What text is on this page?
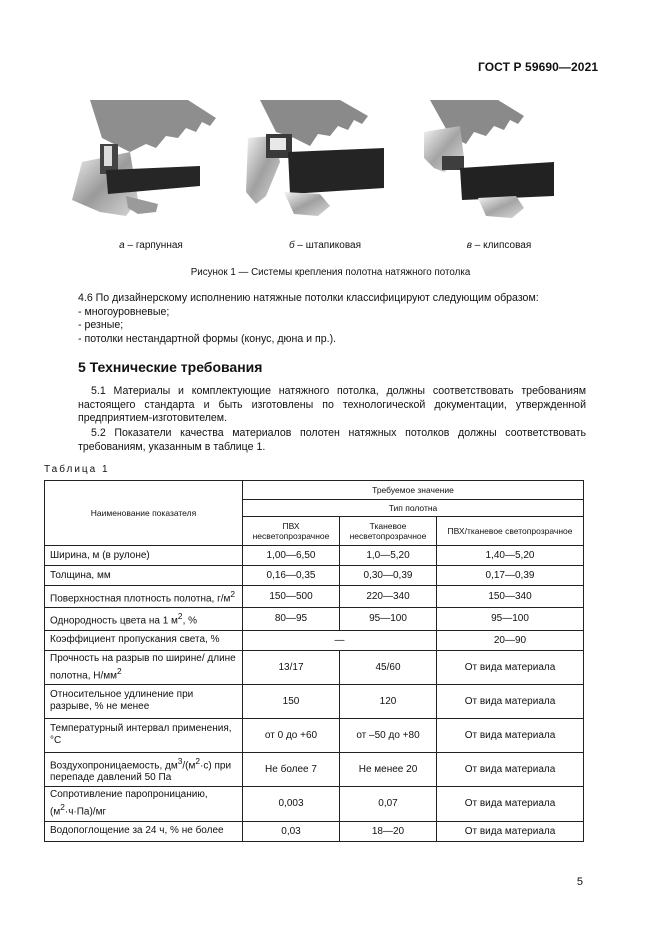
ГОСТ Р 59690—2021
а – гарпунная	б – штапиковая	в – клипсовая
Рисунок 1 — Системы крепления полотна натяжного потолка
4.6 По дизайнерскому исполнению натяжные потолки классифицируют следующим образом:
- многоуровневые;
- резные;
- потолки нестандартной формы (конус, дюна и пр.).
5 Технические требования
5.1 Материалы и комплектующие натяжного потолка, должны соответствовать требованиям настоящего стандарта и быть изготовлены по технологической документации, утвержденной предприятием-изготовителем.
5.2 Показатели качества материалов полотен натяжных потолков должны соответствовать требованиям, указанным в таблице 1.
Таблица 1
Наименование показателя	Требуемое значение		
	Тип полотна		
	ПВХ несветопрозрачное	Тканевое несветопрозрачное	ПВХ/тканевое светопрозрачное
Ширина, м (в рулоне)	1,00—6,50	1,0—5,20	1,40—5,20
Толщина, мм	0,16—0,35	0,30—0,39	0,17—0,39
Поверхностная плотность полотна, $г/м^2$	150—500	220—340	150—340
Однородность цвета на 1 $м^2$, %	80—95	95—100	95—100
Коэффициент пропускания света, %	—		20—90
Прочность на разрыв по ширине/ длине полотна, $Н/мм^2$	13/17	45/60	От вида материала
Относительное удлинение при разрыве, % не менее	150	120	От вида материала
Температурный интервал применения, °С	от 0 до +60	от –50 до +80	От вида материала
Воздухопроницаемость, $дм^3/(м^2\cdot с)$ при перепаде давлений 50 Па	Не более 7	Не менее 20	От вида материала
Сопротивление паропроницанию, $(м^2\cdot ч\cdot Па)/мг$	0,003	0,07	От вида материала
Водопоглощение за 24 ч, % не более	0,03	18—20	От вида материала
5
